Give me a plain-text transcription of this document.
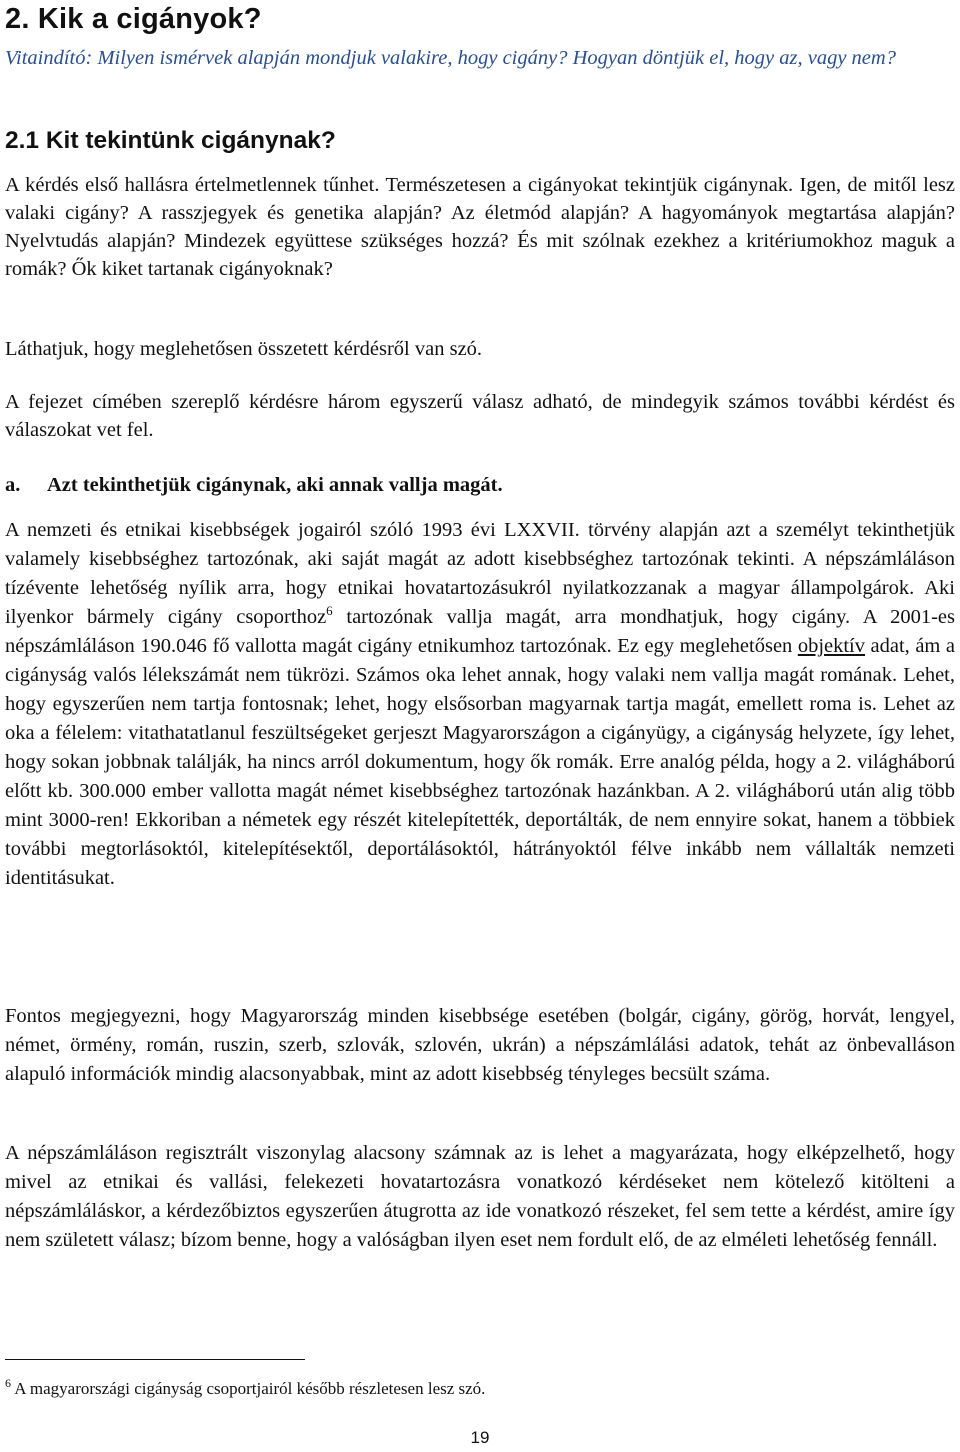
2. Kik a cigányok?
Vitaindító: Milyen ismérvek alapján mondjuk valakire, hogy cigány? Hogyan döntjük el, hogy az, vagy nem?
2.1 Kit tekintünk cigánynak?

A kérdés első hallásra értelmetlennek tűnhet. Természetesen a cigányokat tekintjük cigánynak. Igen, de mitől lesz valaki cigány? A rasszjegyek és genetika alapján? Az életmód alapján? A hagyományok megtartása alapján? Nyelvtudás alapján? Mindezek együttese szükséges hozzá? És mit szólnak ezekhez a kritériumokhoz maguk a romák? Ők kiket tartanak cigányoknak?

Láthatjuk, hogy meglehetősen összetett kérdésről van szó.

A fejezet címében szereplő kérdésre három egyszerű válasz adható, de mindegyik számos további kérdést és válaszokat vet fel.

a. Azt tekinthetjük cigánynak, aki annak vallja magát.

A nemzeti és etnikai kisebbségek jogairól szóló 1993 évi LXXVII. törvény alapján azt a személyt tekinthetjük valamely kisebbséghez tartozónak, aki saját magát az adott kisebbséghez tartozónak tekinti. A népszámláláson tízévente lehetőség nyílik arra, hogy etnikai hovatartozásukról nyilatkozzanak a magyar állampolgárok. Aki ilyenkor bármely cigány csoporthoz$^6$ tartozónak vallja magát, arra mondhatjuk, hogy cigány. A 2001-es népszámláláson 190.046 fő vallotta magát cigány etnikumhoz tartozónak. Ez egy meglehetősen objektív adat, ám a cigányság valós lélekszámát nem tükrözi. Számos oka lehet annak, hogy valaki nem vallja magát romának. Lehet, hogy egyszerűen nem tartja fontosnak; lehet, hogy elsősorban magyarnak tartja magát, emellett roma is. Lehet az oka a félelem: vitathatatlanul feszültségeket gerjeszt Magyarországon a cigányügy, a cigányság helyzete, így lehet, hogy sokan jobbnak találják, ha nincs arról dokumentum, hogy ők romák. Erre analóg példa, hogy a 2. világháború előtt kb. 300.000 ember vallotta magát német kisebbséghez tartozónak hazánkban. A 2. világháború után alig több mint 3000-ren! Ekkoriban a németek egy részét kitelepítették, deportálták, de nem ennyire sokat, hanem a többiek további megtorlásoktól, kitelepítésektől, deportálásoktól, hátrányoktól félve inkább nem vállalták nemzeti identitásukat.

Fontos megjegyezni, hogy Magyarország minden kisebbsége esetében (bolgár, cigány, görög, horvát, lengyel, német, örmény, román, ruszin, szerb, szlovák, szlovén, ukrán) a népszámlálási adatok, tehát az önbevalláson alapuló információk mindig alacsonyabbak, mint az adott kisebbség tényleges becsült száma.

A népszámláláson regisztrált viszonylag alacsony számnak az is lehet a magyarázata, hogy elképzelhető, hogy mivel az etnikai és vallási, felekezeti hovatartozásra vonatkozó kérdéseket nem kötelező kitölteni a népszámláláskor, a kérdezőbiztos egyszerűen átugrotta az ide vonatkozó részeket, fel sem tette a kérdést, amire így nem született válasz; bízom benne, hogy a valóságban ilyen eset nem fordult elő, de az elméleti lehetőség fennáll.

$^6$ A magyarországi cigányság csoportjairól később részletesen lesz szó.

19
